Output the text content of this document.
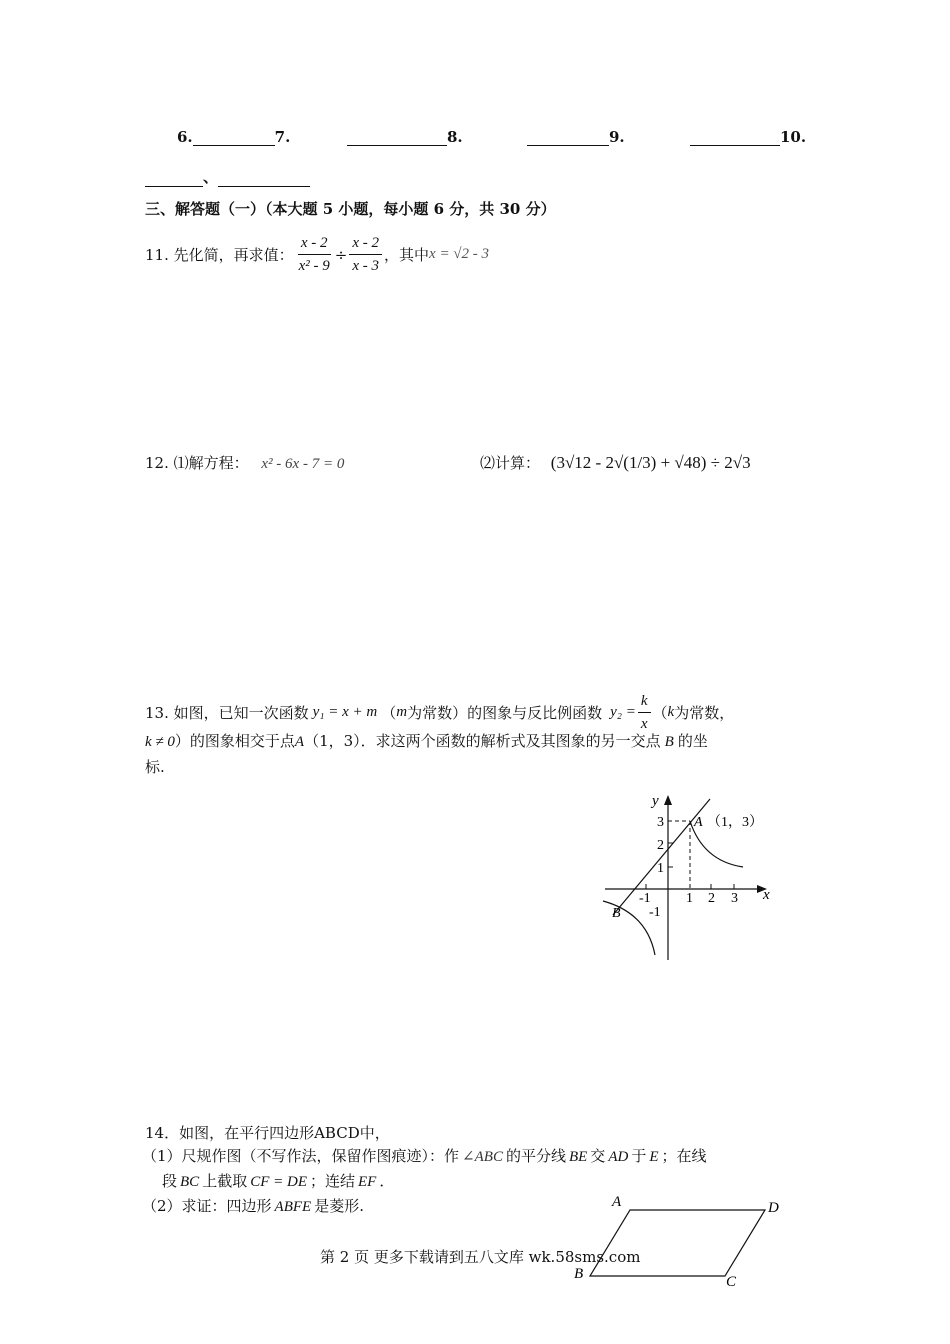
6.	7.	8.	9.	10.
、
三、解答题（一）（本大题 5 小题，每小题 6 分，共 30 分）
11. 先化简，再求值： $\frac{x - 2}{\text{x² - 9}} \div \frac{x - 2}{x - 3}$ ，其中 x = √2 - 3
12. ⑴解方程： x² - 6x - 7 = 0	⑵计算： (3√12 - 2√(1/3) + √48) ÷ 2√3
13. 如图，已知一次函数 y₁ = x + m （ m 为常数）的图象与反比例函数 $y_2 = \frac{k}{x}$ （ k 为常数，
k ≠ 0）的图象相交于点A（1，3）．求这两个函数的解析式及其图象的另一交点 B 的坐
标.
y
x
3
2
1
-1
-1
1 2 3
A （1，3）
B
14．如图，在平行四边形ABCD中，
（1）尺规作图（不写作法，保留作图痕迹）：作 ∠ABC 的平分线 BE 交 AD 于 E ；在线
段 BC 上截取 CF = DE ；连结 EF ．
（2）求证：四边形 ABFE 是菱形.	A	D
B	C
第 2 页 更多下载请到五八文库 wk.58sms.com
